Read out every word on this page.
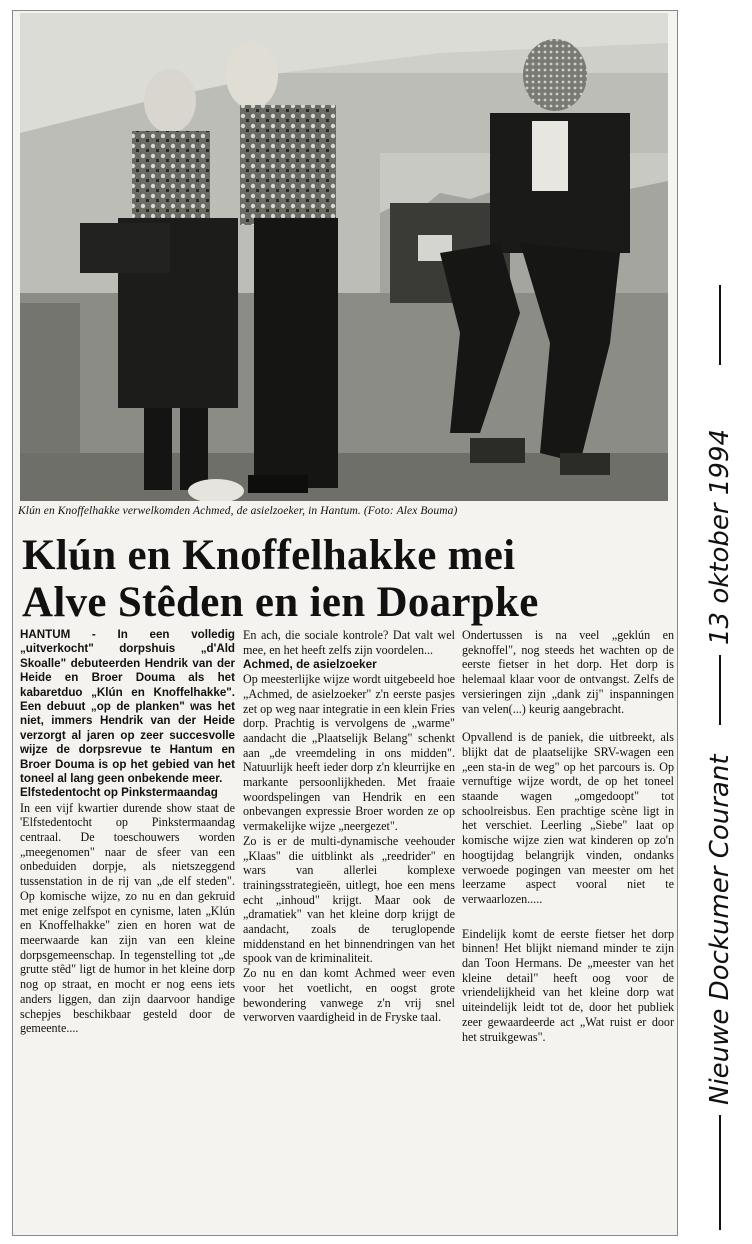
Klún en Knoffelhakke verwelkomden Achmed, de asielzoeker, in Hantum. (Foto: Alex Bouma)
Klún en Knoffelhakke mei
Alve Stêden en ien Doarpke

HANTUM - In een volledig „uitverkocht" dorpshuis „d'Ald Skoalle" debuteerden Hendrik van der Heide en Broer Douma als het kabaretduo „Klún en Knoffelhakke". Een debuut „op de planken" was het niet, immers Hendrik van der Heide verzorgt al jaren op zeer succesvolle wijze de dorpsrevue te Hantum en Broer Douma is op het gebied van het toneel al lang geen onbekende meer.

Elfstedentocht op Pinkstermaandag

In een vijf kwartier durende show staat de 'Elfstedentocht op Pinkstermaandag centraal. De toeschouwers worden „meegenomen" naar de sfeer van een onbeduiden dorpje, als nietszeggend tussenstation in de rij van „de elf steden". Op komische wijze, zo nu en dan gekruid met enige zelfspot en cynisme, laten „Klún en Knoffelhakke" zien en horen wat de meerwaarde kan zijn van een kleine dorpsgemeenschap. In tegenstelling tot „de grutte stêd" ligt de humor in het kleine dorp nog op straat, en mocht er nog eens iets anders liggen, dan zijn daarvoor handige schepjes beschikbaar gesteld door de gemeente....

En ach, die sociale kontrole? Dat valt wel mee, en het heeft zelfs zijn voordelen...

Achmed, de asielzoeker

Op meesterlijke wijze wordt uitgebeeld hoe „Achmed, de asielzoeker" z'n eerste pasjes zet op weg naar integratie in een klein Fries dorp. Prachtig is vervolgens de „warme" aandacht die „Plaatselijk Belang" schenkt aan „de vreemdeling in ons midden". Natuurlijk heeft ieder dorp z'n kleurrijke en markante persoonlijkheden. Met fraaie woordspelingen van Hendrik en een onbevangen expressie Broer worden ze op vermakelijke wijze „neergezet".

Zo is er de multi-dynamische veehouder „Klaas" die uitblinkt als „reedrider" en wars van allerlei komplexe trainingsstrategieën, uitlegt, hoe een mens echt „inhoud" krijgt. Maar ook de „dramatiek" van het kleine dorp krijgt de aandacht, zoals de teruglopende middenstand en het binnendringen van het spook van de kriminaliteit.

Zo nu en dan komt Achmed weer even voor het voetlicht, en oogst grote bewondering vanwege z'n vrij snel verworven vaardigheid in de Fryske taal.

Ondertussen is na veel „geklún en geknoffel", nog steeds het wachten op de eerste fietser in het dorp. Het dorp is helemaal klaar voor de ontvangst. Zelfs de versieringen zijn „dank zij" inspanningen van velen(...) keurig aangebracht.

Opvallend is de paniek, die uitbreekt, als blijkt dat de plaatselijke SRV-wagen een „een sta-in de weg" op het parcours is. Op vernuftige wijze wordt, de op het toneel staande wagen „omgedoopt" tot schoolreisbus. Een prachtige scène ligt in het verschiet. Leerling „Siebe" laat op komische wijze zien wat kinderen op zo'n hoogtijdag belangrijk vinden, ondanks verwoede pogingen van meester om het leerzame aspect vooral niet te verwaarlozen.....

Eindelijk komt de eerste fietser het dorp binnen! Het blijkt niemand minder te zijn dan Toon Hermans. De „meester van het kleine detail" heeft oog voor de vriendelijkheid van het kleine dorp wat uiteindelijk leidt tot de, door het publiek zeer gewaardeerde act „Wat ruist er door het struikgewas".

13 oktober 1994
Nieuwe Dockumer Courant
